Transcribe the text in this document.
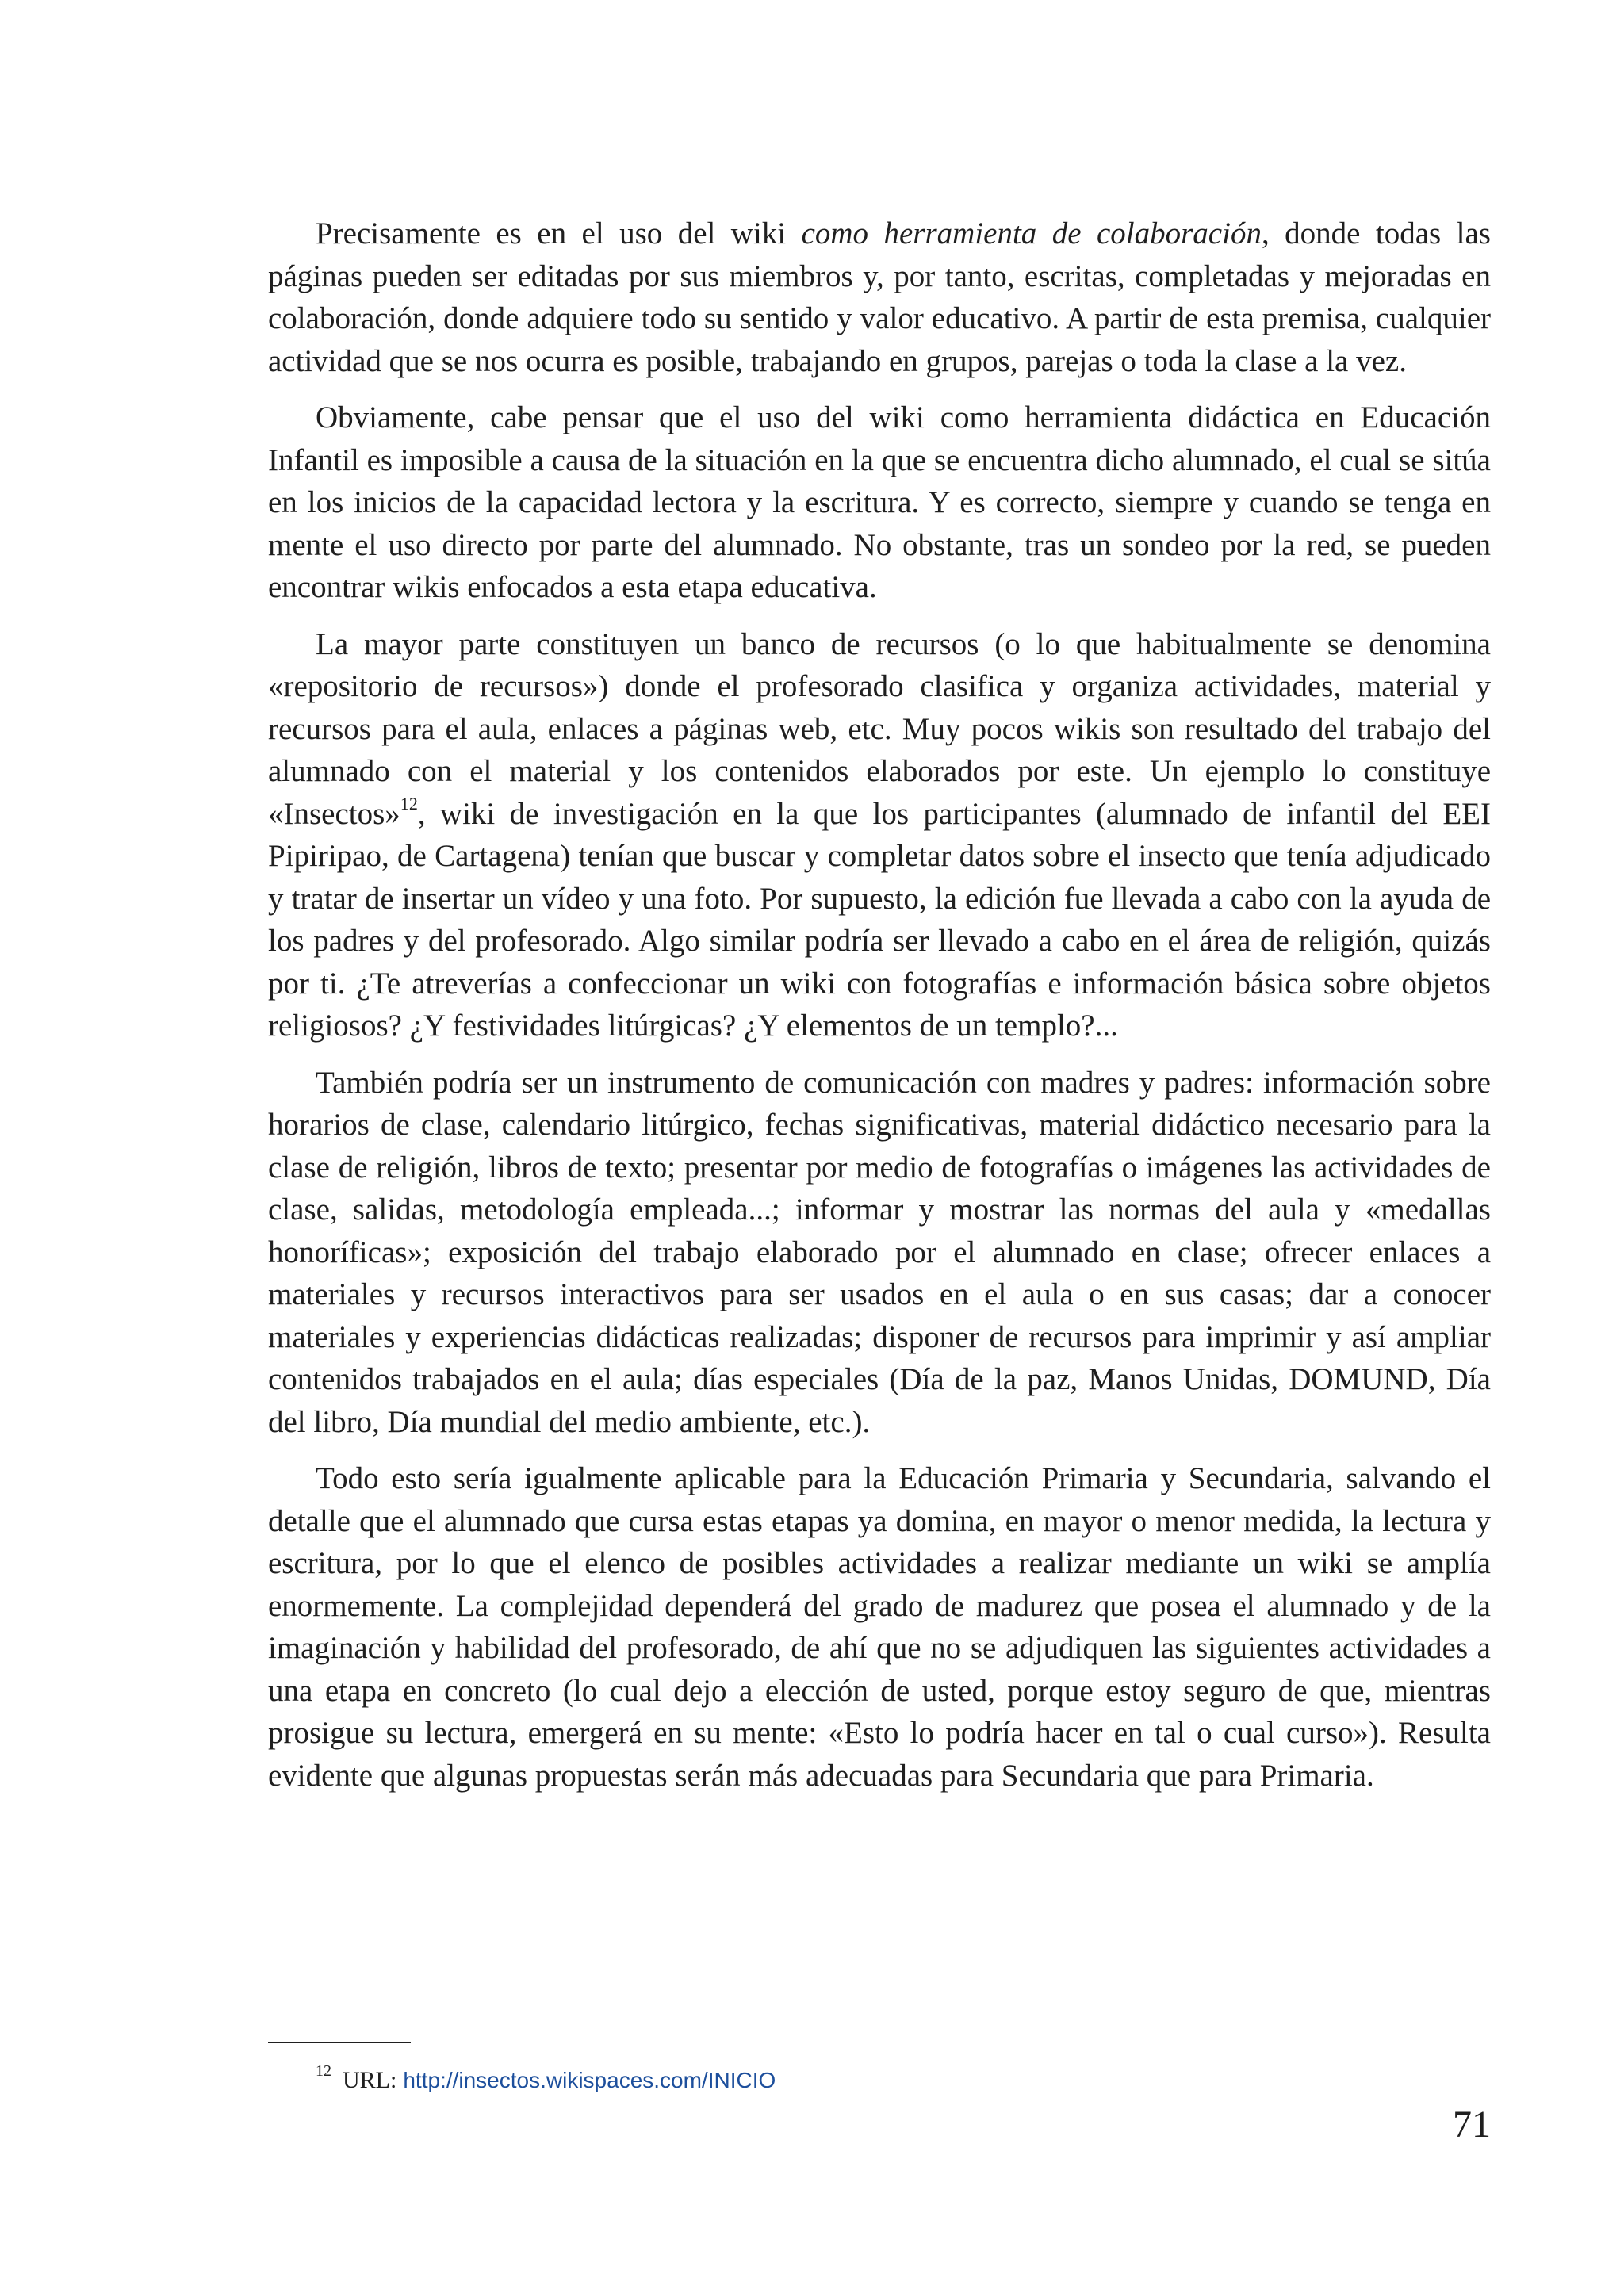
Precisamente es en el uso del wiki como herramienta de colaboración, donde todas las páginas pueden ser editadas por sus miembros y, por tanto, escritas, completadas y mejoradas en colaboración, donde adquiere todo su sentido y valor educativo. A partir de esta premisa, cualquier actividad que se nos ocurra es posible, trabajando en grupos, parejas o toda la clase a la vez.

Obviamente, cabe pensar que el uso del wiki como herramienta didáctica en Educación Infantil es imposible a causa de la situación en la que se encuentra dicho alumnado, el cual se sitúa en los inicios de la capacidad lectora y la escritura. Y es correcto, siempre y cuando se tenga en mente el uso directo por parte del alumnado. No obstante, tras un sondeo por la red, se pueden encontrar wikis enfocados a esta etapa educativa.

La mayor parte constituyen un banco de recursos (o lo que habitualmente se denomina «repositorio de recursos») donde el profesorado clasifica y organiza actividades, material y recursos para el aula, enlaces a páginas web, etc. Muy pocos wikis son resultado del trabajo del alumnado con el material y los contenidos elaborados por este. Un ejemplo lo constituye «Insectos»$^{12}$, wiki de investigación en la que los participantes (alumnado de infantil del EEI Pipiripao, de Cartagena) tenían que buscar y completar datos sobre el insecto que tenía adjudicado y tratar de insertar un vídeo y una foto. Por supuesto, la edición fue llevada a cabo con la ayuda de los padres y del profesorado. Algo similar podría ser llevado a cabo en el área de religión, quizás por ti. ¿Te atreverías a confeccionar un wiki con fotografías e información básica sobre objetos religiosos? ¿Y festividades litúrgicas? ¿Y elementos de un templo?...

También podría ser un instrumento de comunicación con madres y padres: información sobre horarios de clase, calendario litúrgico, fechas significativas, material didáctico necesario para la clase de religión, libros de texto; presentar por medio de fotografías o imágenes las actividades de clase, salidas, metodología empleada...; informar y mostrar las normas del aula y «medallas honoríficas»; exposición del trabajo elaborado por el alumnado en clase; ofrecer enlaces a materiales y recursos interactivos para ser usados en el aula o en sus casas; dar a conocer materiales y experiencias didácticas realizadas; disponer de recursos para imprimir y así ampliar contenidos trabajados en el aula; días especiales (Día de la paz, Manos Unidas, DOMUND, Día del libro, Día mundial del medio ambiente, etc.).

Todo esto sería igualmente aplicable para la Educación Primaria y Secundaria, salvando el detalle que el alumnado que cursa estas etapas ya domina, en mayor o menor medida, la lectura y escritura, por lo que el elenco de posibles actividades a realizar mediante un wiki se amplía enormemente. La complejidad dependerá del grado de madurez que posea el alumnado y de la imaginación y habilidad del profesorado, de ahí que no se adjudiquen las siguientes actividades a una etapa en concreto (lo cual dejo a elección de usted, porque estoy seguro de que, mientras prosigue su lectura, emergerá en su mente: «Esto lo podría hacer en tal o cual curso»). Resulta evidente que algunas propuestas serán más adecuadas para Secundaria que para Primaria.

$^{12}$ URL: http://insectos.wikispaces.com/INICIO
71
